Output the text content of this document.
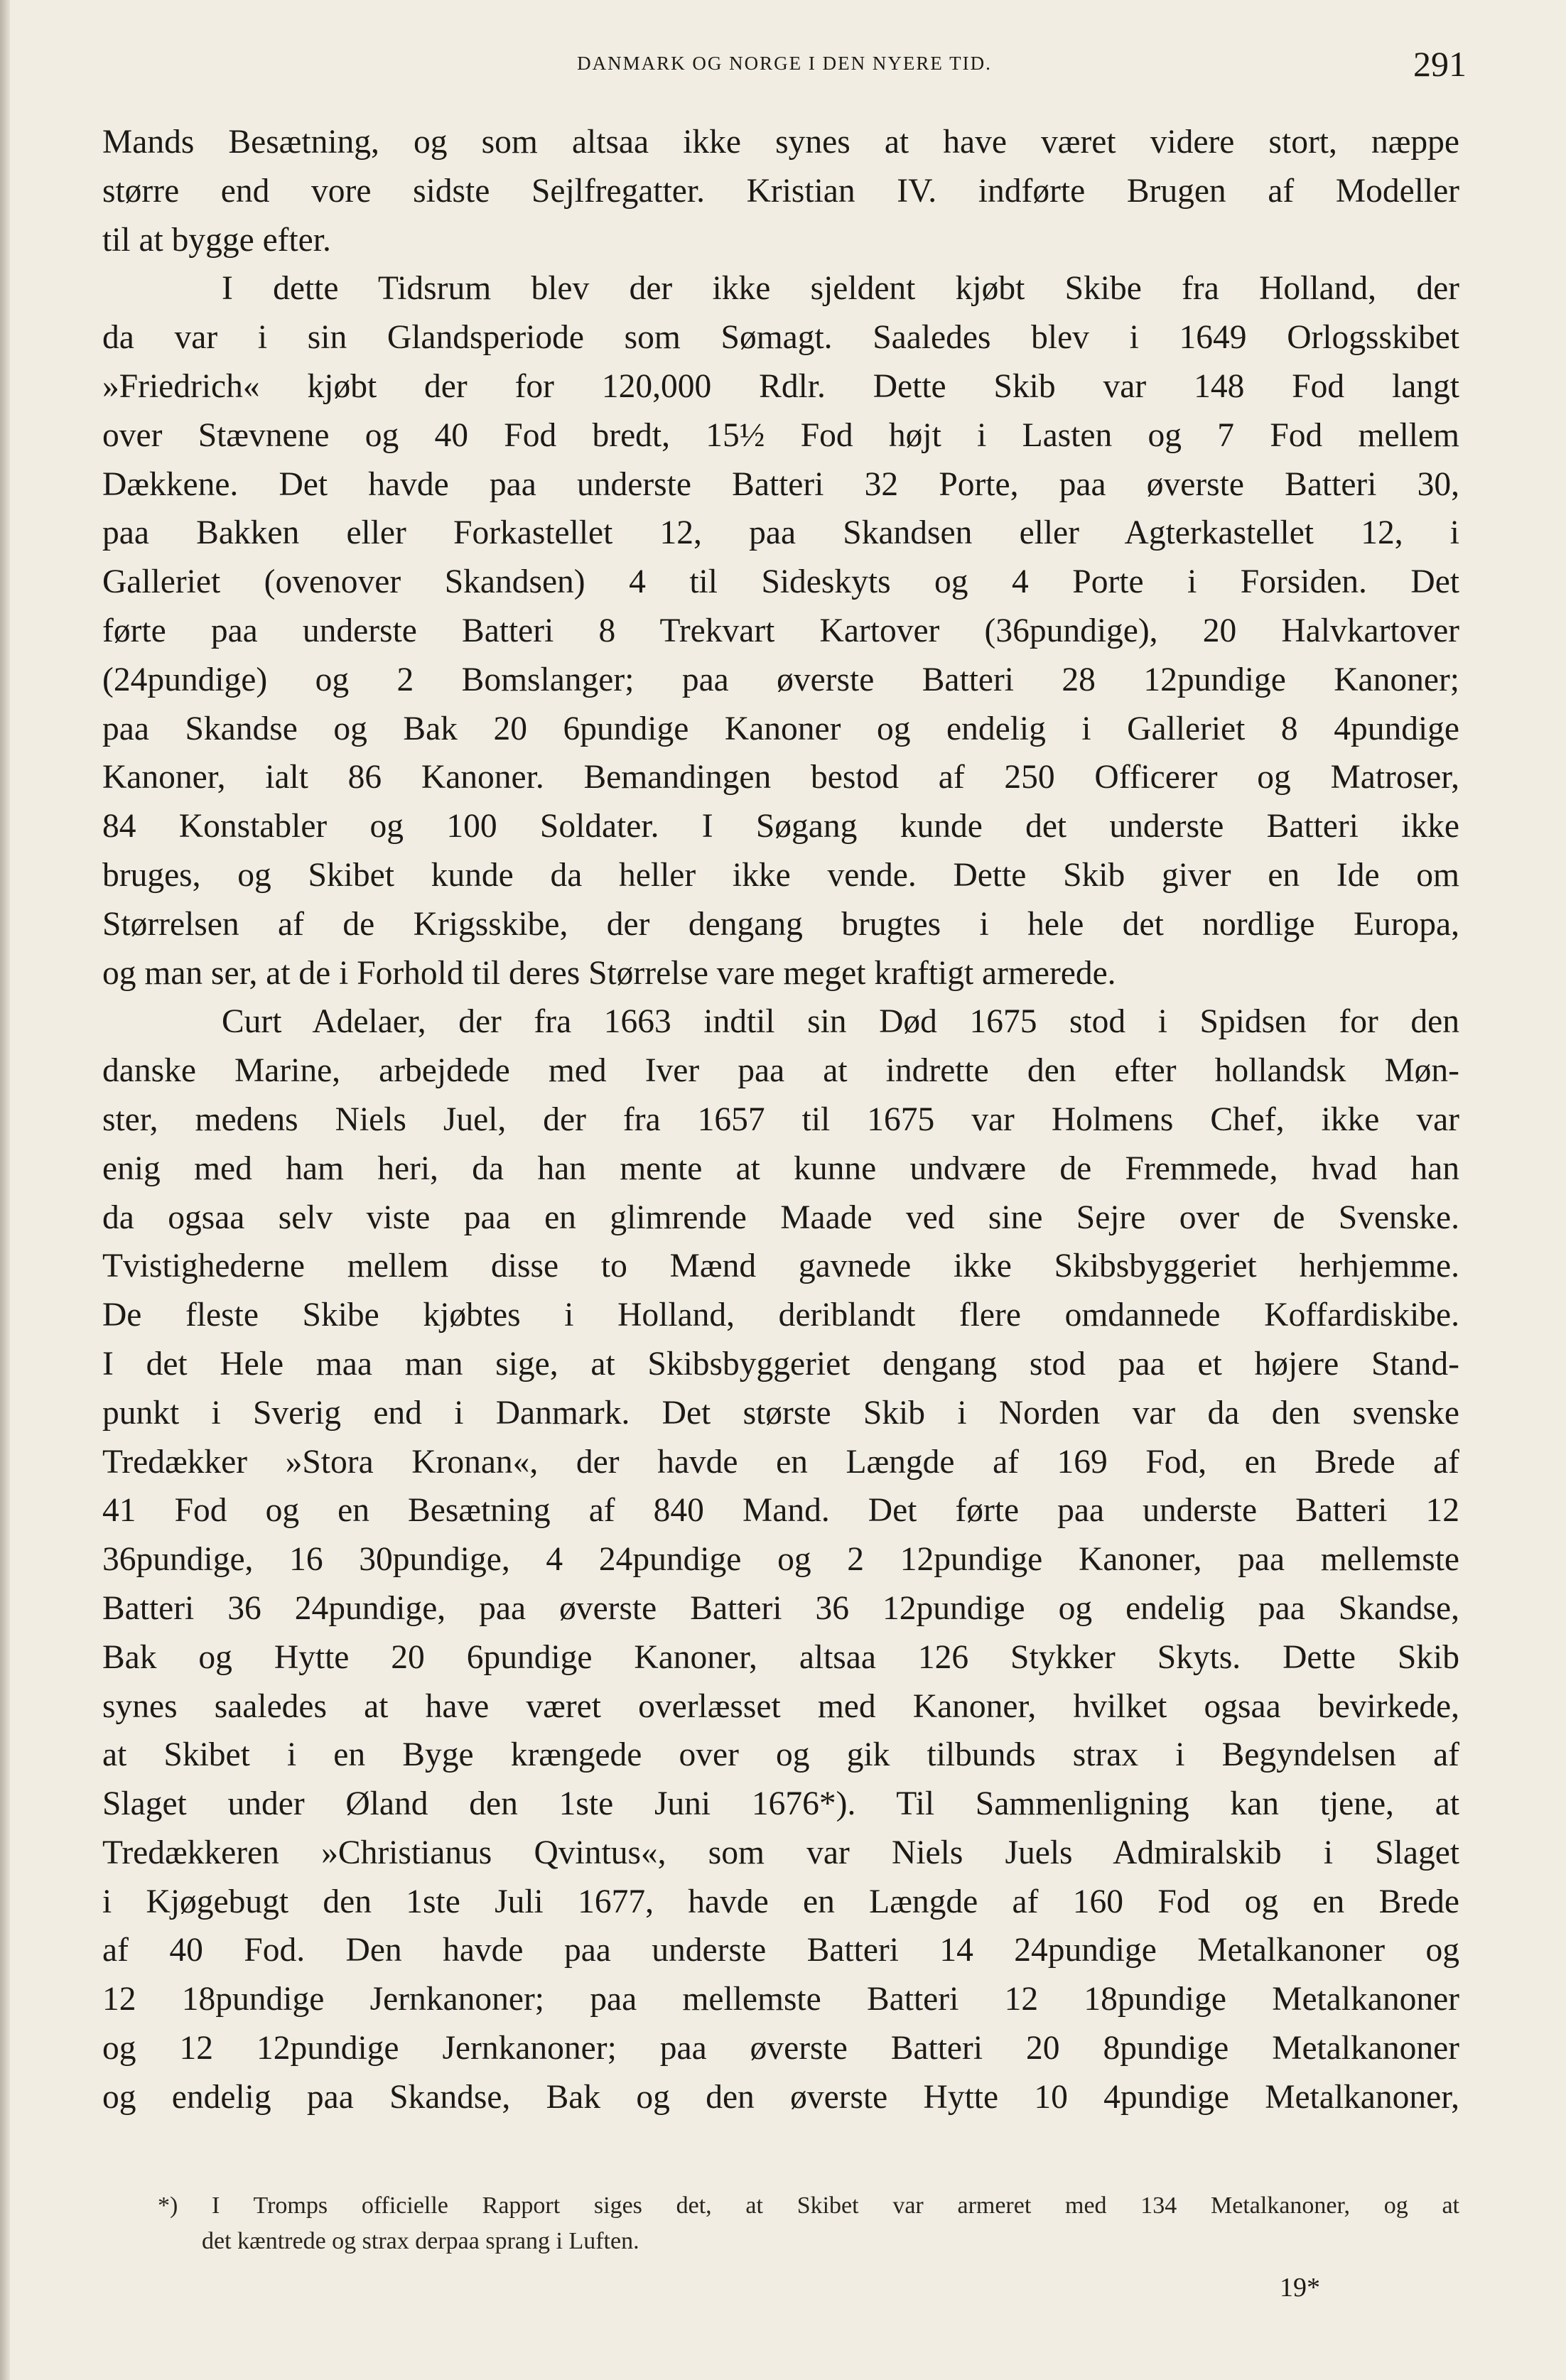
DANMARK OG NORGE I DEN NYERE TID.	291
Mands Besætning, og som altsaa ikke synes at have været videre stort, næppe
større end vore sidste Sejlfregatter. Kristian IV. indførte Brugen af Modeller
til at bygge efter.
I dette Tidsrum blev der ikke sjeldent kjøbt Skibe fra Holland, der
da var i sin Glandsperiode som Sømagt. Saaledes blev i 1649 Orlogsskibet
»Friedrich« kjøbt der for 120,000 Rdlr. Dette Skib var 148 Fod langt
over Stævnene og 40 Fod bredt, 15½ Fod højt i Lasten og 7 Fod mellem
Dækkene. Det havde paa underste Batteri 32 Porte, paa øverste Batteri 30,
paa Bakken eller Forkastellet 12, paa Skandsen eller Agterkastellet 12, i
Galleriet (ovenover Skandsen) 4 til Sideskyts og 4 Porte i Forsiden. Det
førte paa underste Batteri 8 Trekvart Kartover (36pundige), 20 Halvkartover
(24pundige) og 2 Bomslanger; paa øverste Batteri 28 12pundige Kanoner;
paa Skandse og Bak 20 6pundige Kanoner og endelig i Galleriet 8 4pundige
Kanoner, ialt 86 Kanoner. Bemandingen bestod af 250 Officerer og Matroser,
84 Konstabler og 100 Soldater. I Søgang kunde det underste Batteri ikke
bruges, og Skibet kunde da heller ikke vende. Dette Skib giver en Ide om
Størrelsen af de Krigsskibe, der dengang brugtes i hele det nordlige Europa,
og man ser, at de i Forhold til deres Størrelse vare meget kraftigt armerede.
Curt Adelaer, der fra 1663 indtil sin Død 1675 stod i Spidsen for den
danske Marine, arbejdede med Iver paa at indrette den efter hollandsk Møn-
ster, medens Niels Juel, der fra 1657 til 1675 var Holmens Chef, ikke var
enig med ham heri, da han mente at kunne undvære de Fremmede, hvad han
da ogsaa selv viste paa en glimrende Maade ved sine Sejre over de Svenske.
Tvistighederne mellem disse to Mænd gavnede ikke Skibsbyggeriet herhjemme.
De fleste Skibe kjøbtes i Holland, deriblandt flere omdannede Koffardiskibe.
I det Hele maa man sige, at Skibsbyggeriet dengang stod paa et højere Stand-
punkt i Sverig end i Danmark. Det største Skib i Norden var da den svenske
Tredækker »Stora Kronan«, der havde en Længde af 169 Fod, en Brede af
41 Fod og en Besætning af 840 Mand. Det førte paa underste Batteri 12
36pundige, 16 30pundige, 4 24pundige og 2 12pundige Kanoner, paa mellemste
Batteri 36 24pundige, paa øverste Batteri 36 12pundige og endelig paa Skandse,
Bak og Hytte 20 6pundige Kanoner, altsaa 126 Stykker Skyts. Dette Skib
synes saaledes at have været overlæsset med Kanoner, hvilket ogsaa bevirkede,
at Skibet i en Byge krængede over og gik tilbunds strax i Begyndelsen af
Slaget under Øland den 1ste Juni 1676*). Til Sammenligning kan tjene, at
Tredækkeren »Christianus Qvintus«, som var Niels Juels Admiralskib i Slaget
i Kjøgebugt den 1ste Juli 1677, havde en Længde af 160 Fod og en Brede
af 40 Fod. Den havde paa underste Batteri 14 24pundige Metalkanoner og
12 18pundige Jernkanoner; paa mellemste Batteri 12 18pundige Metalkanoner
og 12 12pundige Jernkanoner; paa øverste Batteri 20 8pundige Metalkanoner
og endelig paa Skandse, Bak og den øverste Hytte 10 4pundige Metalkanoner,
*) I Tromps officielle Rapport siges det, at Skibet var armeret med 134 Metalkanoner, og at
det kæntrede og strax derpaa sprang i Luften.
19*
